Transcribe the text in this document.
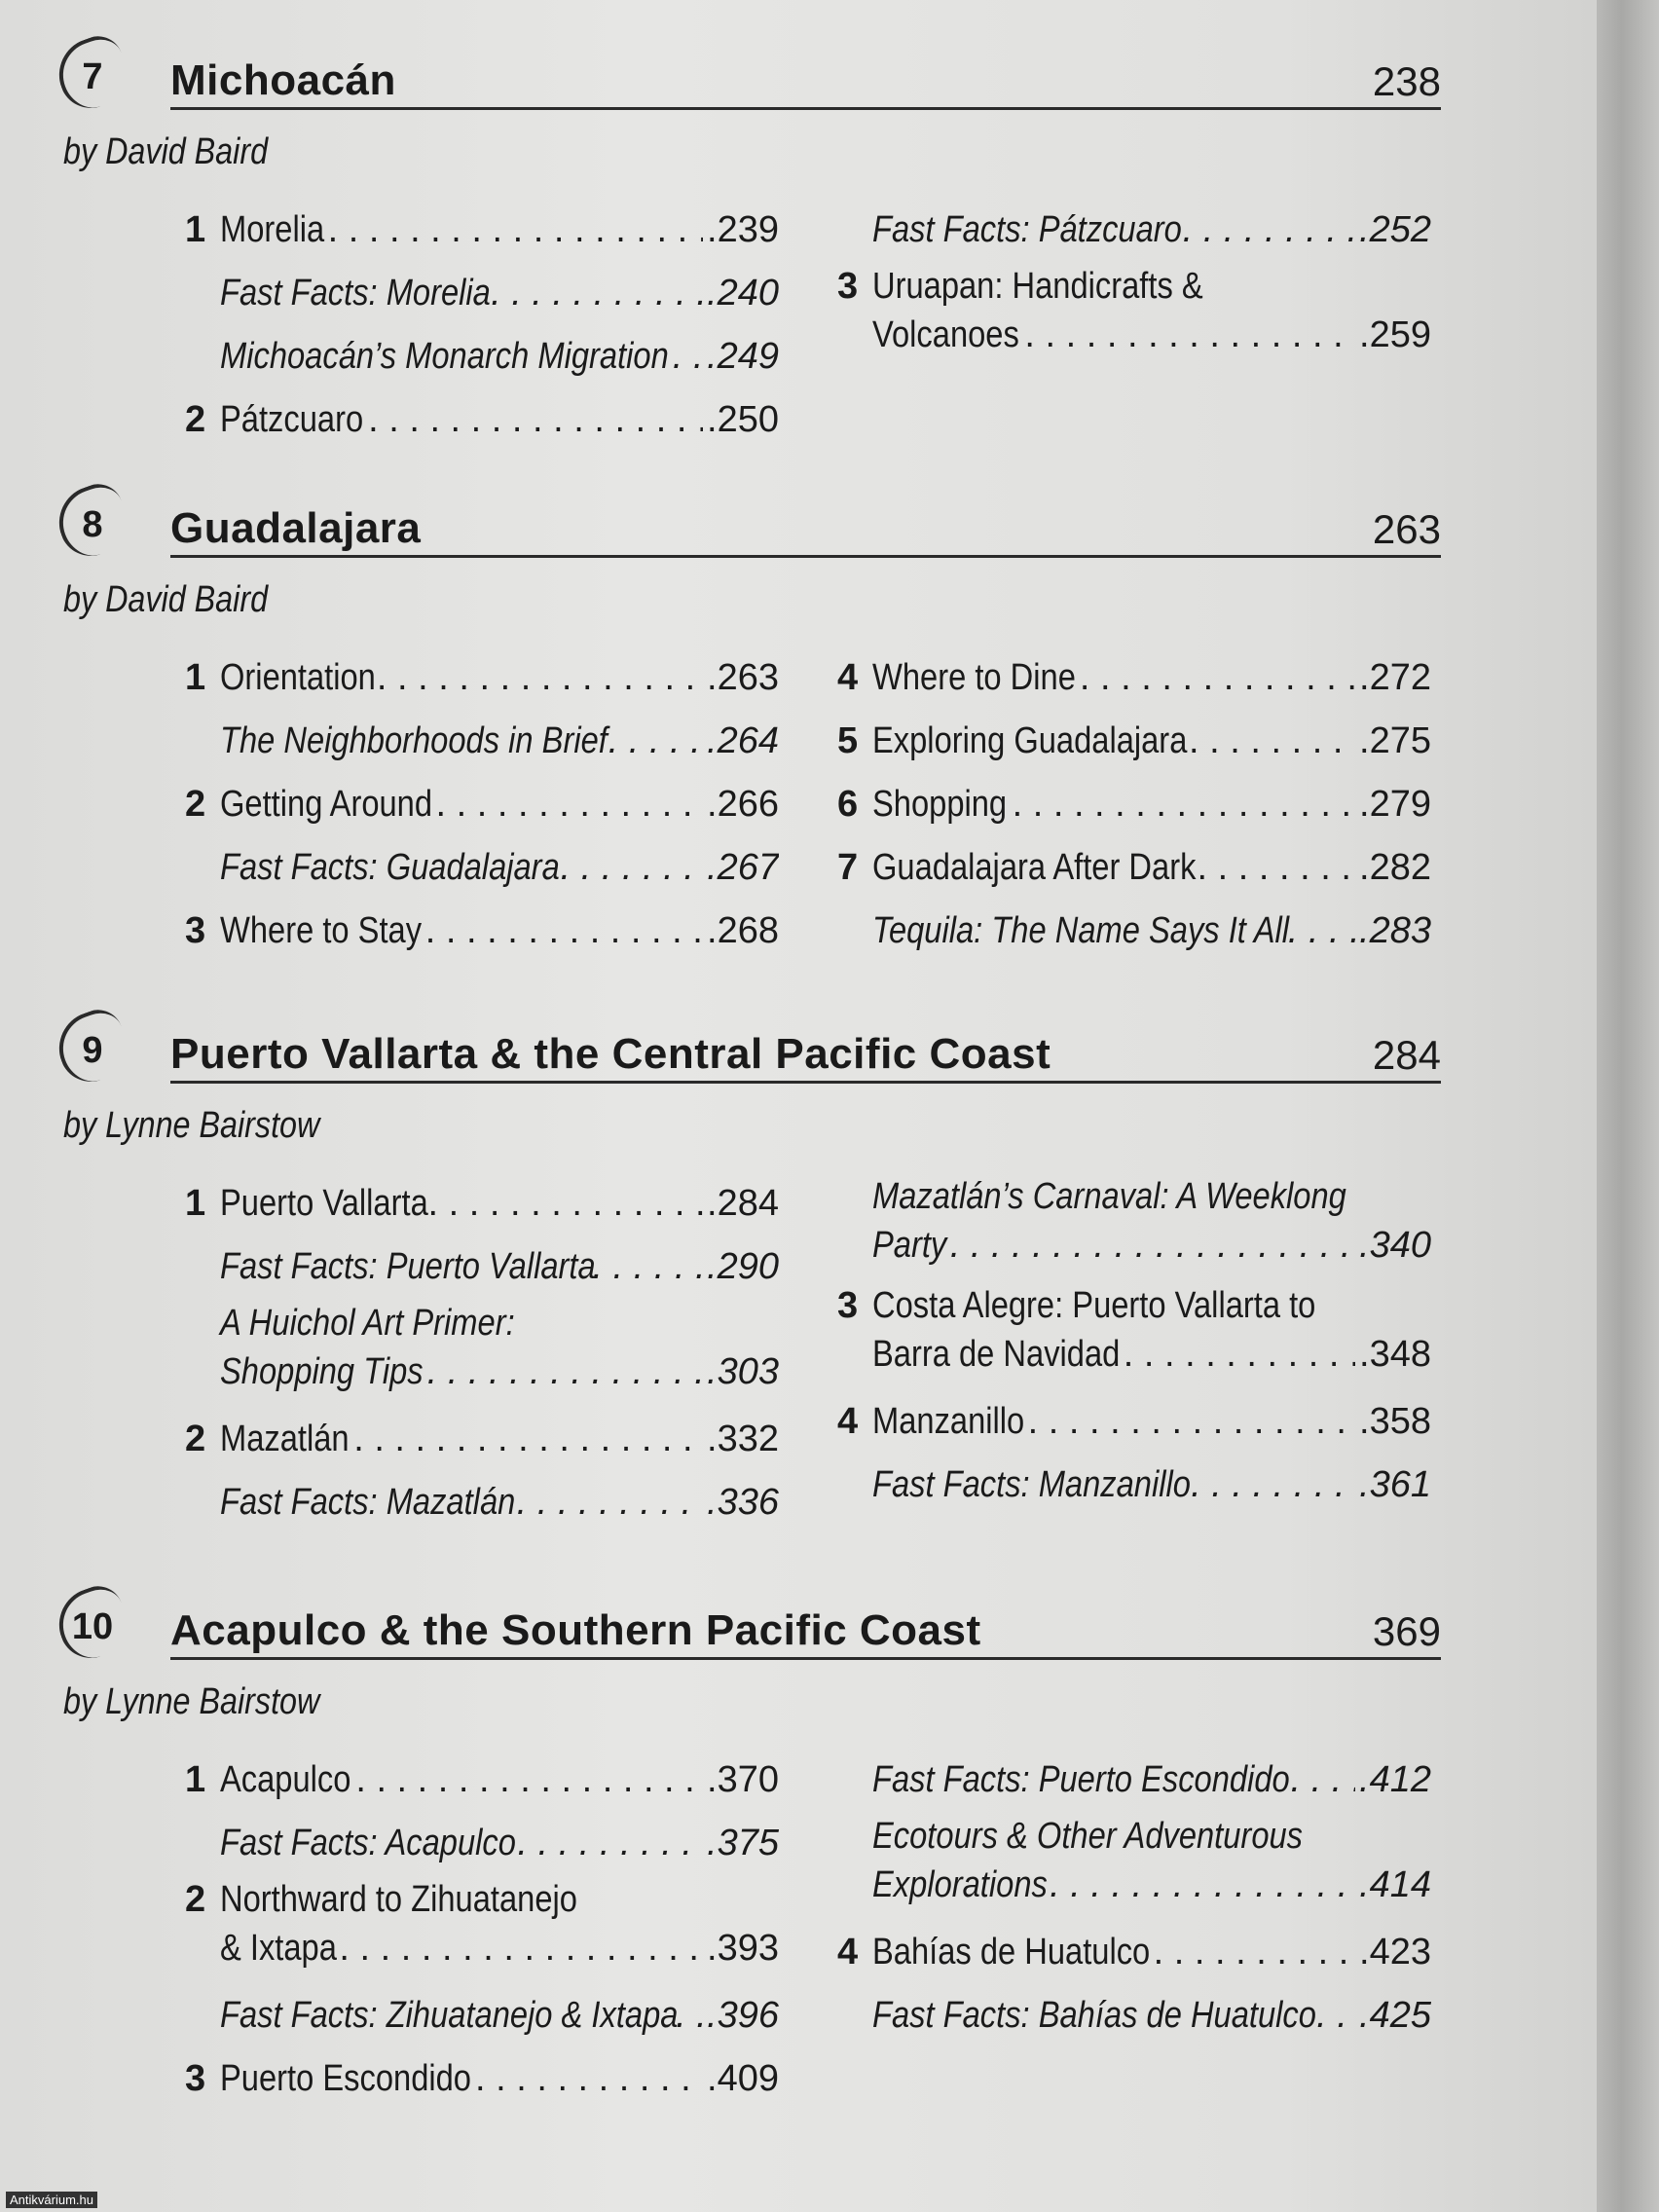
7	Michoacán	238
by David Baird
1 Morelia . . .	.239
Fast Facts: Morelia . . .	.240
Michoacán’s Monarch Migration . . . .249
2 Pátzcuaro . . .	.250
Fast Facts: Pátzcuaro . . .	.252
3 Uruapan: Handicrafts &
Volcanoes . . .	.259
8	Guadalajara	263
by David Baird
1 Orientation . . .	.263
The Neighborhoods in Brief . . .	.264
2 Getting Around . . .	.266
Fast Facts: Guadalajara . . .	.267
3 Where to Stay . . .	.268
4 Where to Dine . . .	.272
5 Exploring Guadalajara . . .	.275
6 Shopping . . .	.279
7 Guadalajara After Dark . . .	.282
Tequila: The Name Says It All . . . .283
9	Puerto Vallarta & the Central Pacific Coast	284
by Lynne Bairstow
1 Puerto Vallarta . . .	.284
Fast Facts: Puerto Vallarta . . .	.290
A Huichol Art Primer:
Shopping Tips . . .	.303
2 Mazatlán . . .	.332
Fast Facts: Mazatlán . . .	.336
Mazatlán’s Carnaval: A Weeklong
Party . . .	.340
3 Costa Alegre: Puerto Vallarta to
Barra de Navidad . . .	.348
4 Manzanillo . . .	.358
Fast Facts: Manzanillo . . .	.361
10	Acapulco & the Southern Pacific Coast	369
by Lynne Bairstow
1 Acapulco . . .	.370
Fast Facts: Acapulco . . .	.375
2 Northward to Zihuatanejo
& Ixtapa . . .	.393
Fast Facts: Zihuatanejo & Ixtapa . . . .396
3 Puerto Escondido . . .	.409
Fast Facts: Puerto Escondido . . . .412
Ecotours & Other Adventurous
Explorations . . .	.414
4 Bahías de Huatulco . . .	.423
Fast Facts: Bahías de Huatulco . . . .425
Antikvárium.hu
